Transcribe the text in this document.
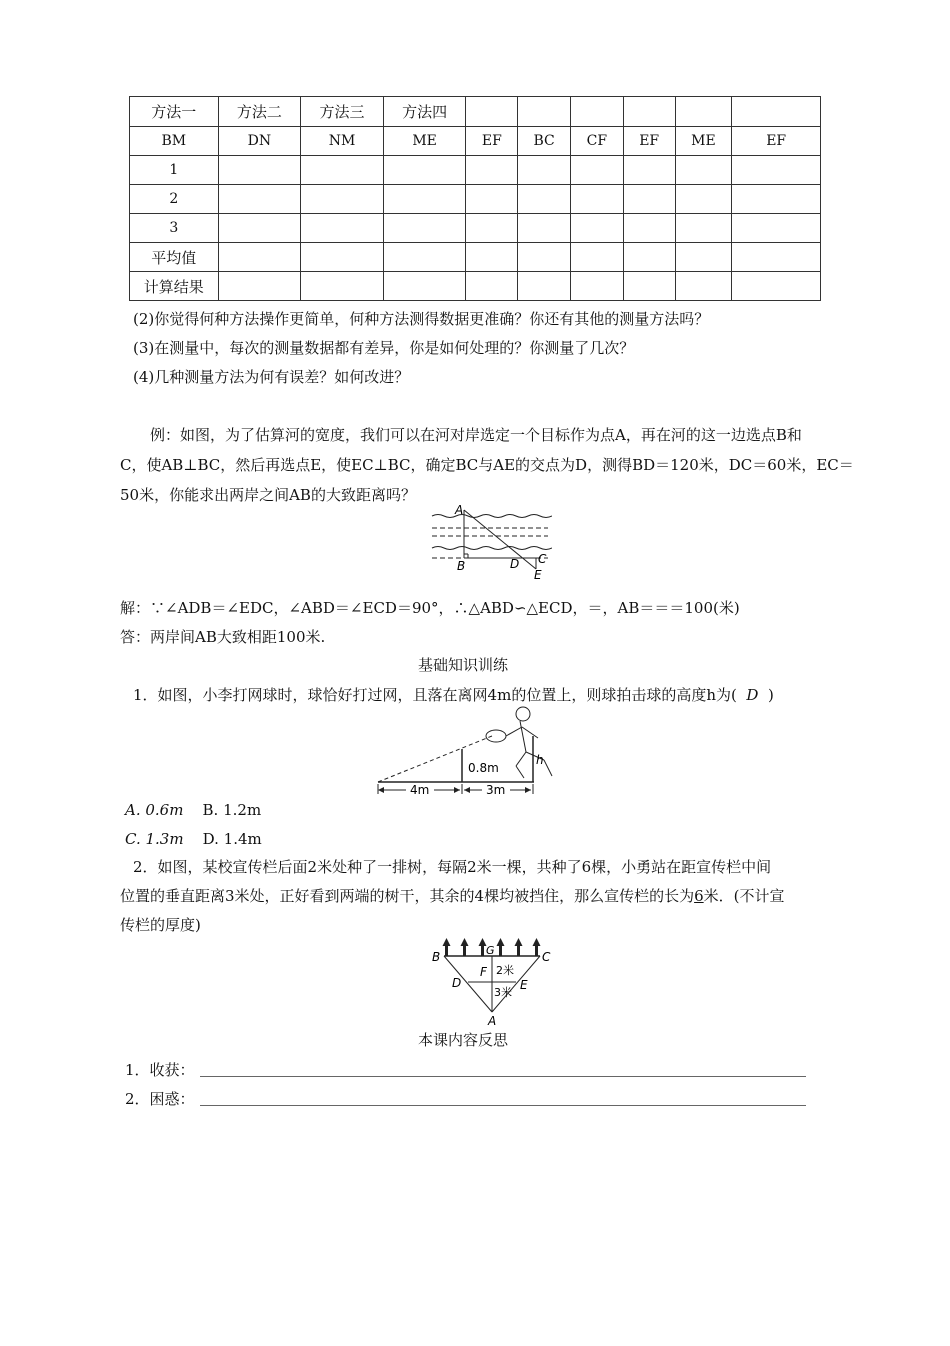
方法一	方法二	方法三	方法四						
BM	DN	NM	ME	EF	BC	CF	EF	ME	EF
1									
2									
3									
平均值									
计算结果									
(2)你觉得何种方法操作更简单，何种方法测得数据更准确？你还有其他的测量方法吗？
(3)在测量中，每次的测量数据都有差异，你是如何处理的？你测量了几次？
(4)几种测量方法为何有误差？如何改进？
例：如图，为了估算河的宽度，我们可以在河对岸选定一个目标作为点A，再在河的这一边选点B和
C，使AB⊥BC，然后再选点E，使EC⊥BC，确定BC与AE的交点为D，测得BD＝120米，DC＝60米，EC＝
50米，你能求出两岸之间AB的大致距离吗？
A
B	D C
E
解：∵∠ADB＝∠EDC，∠ABD＝∠ECD＝90°，∴△ABD∽△ECD，＝，AB＝＝＝100(米)
答：两岸间AB大致相距100米.
基础知识训练
1．如图，小李打网球时，球恰好打过网，且落在离网4m的位置上，则球拍击球的高度h为( D )
0.8m
h
4m	3m
A. 0.6m B. 1.2m
C. 1.3m D. 1.4m
2．如图，某校宣传栏后面2米处种了一排树，每隔2米一棵，共种了6棵，小勇站在距宣传栏中间
位置的垂直距离3米处，正好看到两端的树干，其余的4棵均被挡住，那么宣传栏的长为6米．(不计宣
传栏的厚度)
B	G	C
F
D	E
A
2米
3米
本课内容反思
1．收获：
2．困惑：
